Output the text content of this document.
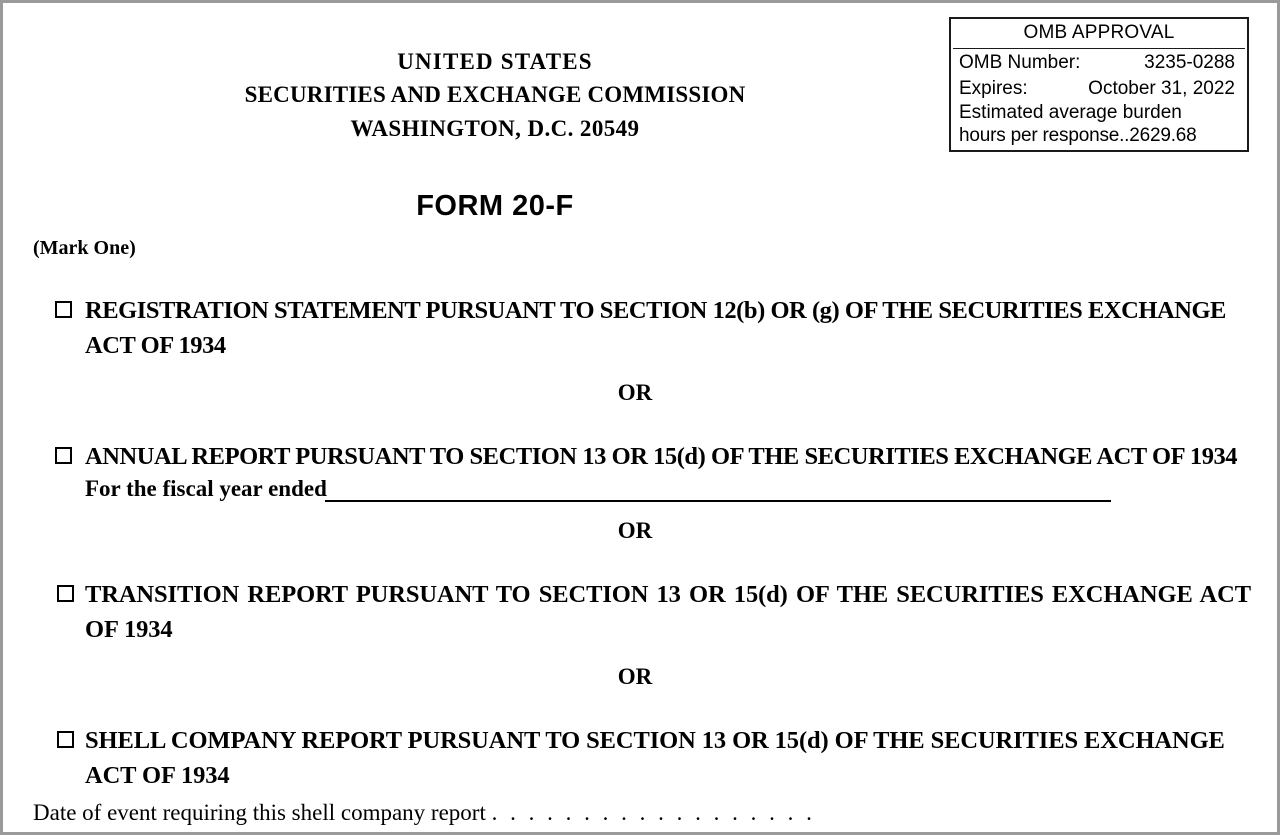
OMB APPROVAL
OMB Number:	3235-0288
Expires:	October 31, 2022
Estimated average burden
hours per response..2629.68
UNITED STATES
SECURITIES AND EXCHANGE COMMISSION
WASHINGTON, D.C. 20549
FORM 20-F
(Mark One)
REGISTRATION STATEMENT PURSUANT TO SECTION 12(b) OR (g) OF THE SECURITIES EXCHANGE ACT OF 1934
OR
ANNUAL REPORT PURSUANT TO SECTION 13 OR 15(d) OF THE SECURITIES EXCHANGE ACT OF 1934
For the fiscal year ended
OR
TRANSITION REPORT PURSUANT TO SECTION 13 OR 15(d) OF THE SECURITIES EXCHANGE ACT OF 1934
OR
SHELL COMPANY REPORT PURSUANT TO SECTION 13 OR 15(d) OF THE SECURITIES EXCHANGE ACT OF 1934
Date of event requiring this shell company report . . . . . . . . . . . . . . . . . .
